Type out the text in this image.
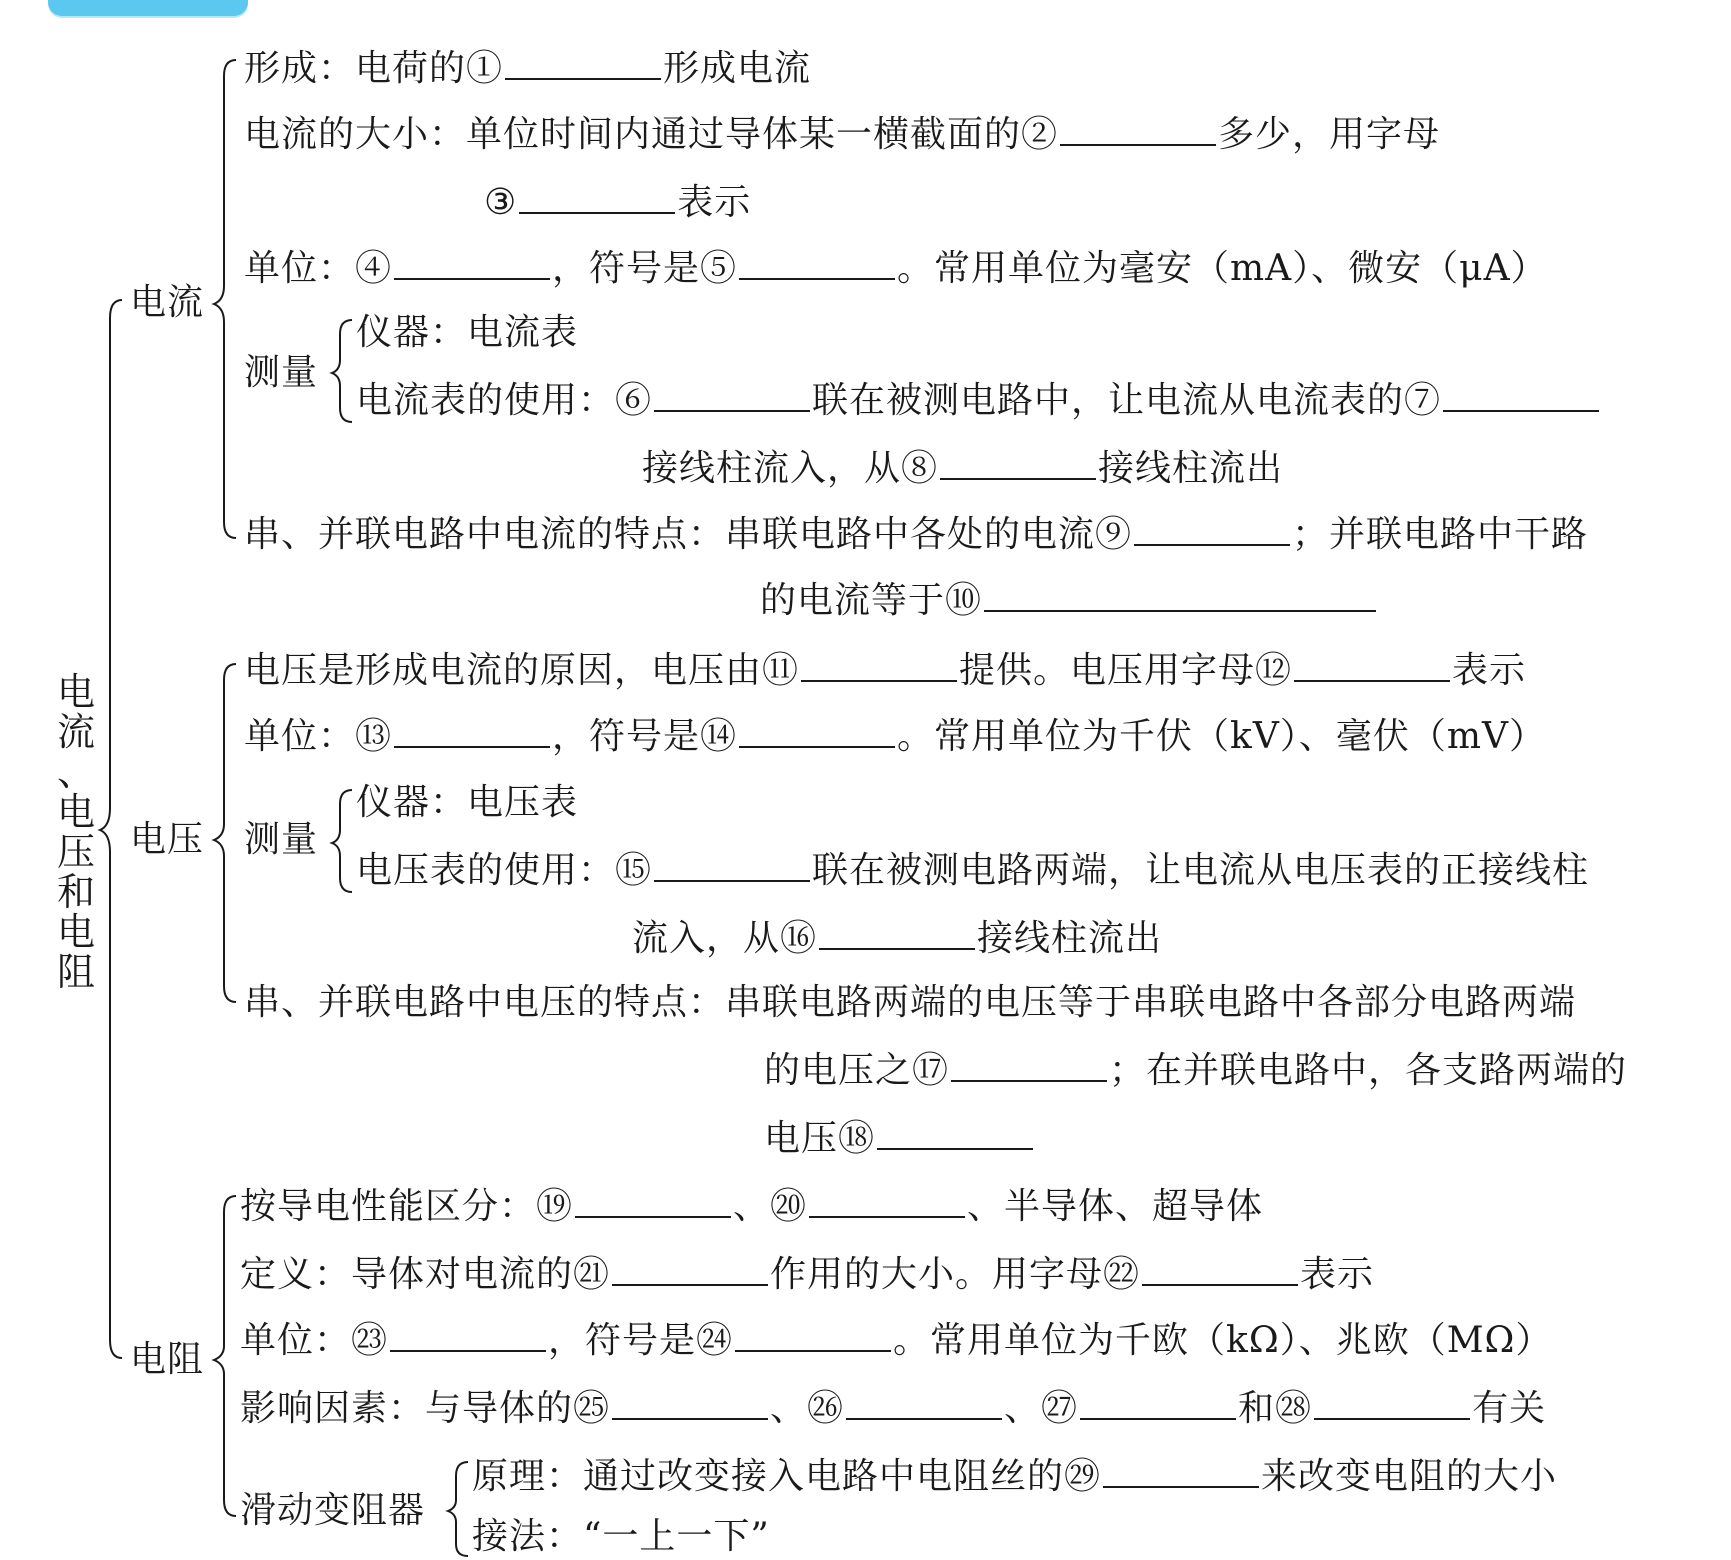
电
流
、
电
压
和
电
阻
电流
电压
电阻
测量
测量
滑动变阻器
形成：电荷的①	形成电流
电流的大小：单位时间内通过导体某一横截面的②	多少，用字母
③	表示
单位：④	，符号是⑤	。常用单位为毫安（mA）、微安（μA）
仪器：电流表
电流表的使用：⑥	联在被测电路中，让电流从电流表的⑦
接线柱流入，从⑧	接线柱流出
串、并联电路中电流的特点：串联电路中各处的电流⑨	；并联电路中干路
的电流等于⑩
电压是形成电流的原因，电压由⑪	提供。电压用字母⑫	表示
单位：⑬	，符号是⑭	。常用单位为千伏（kV）、毫伏（mV）
仪器：电压表
电压表的使用：⑮	联在被测电路两端，让电流从电压表的正接线柱
流入，从⑯	接线柱流出
串、并联电路中电压的特点：串联电路两端的电压等于串联电路中各部分电路两端
的电压之⑰	；在并联电路中，各支路两端的
电压⑱
按导电性能区分：⑲	、⑳	、半导体、超导体
定义：导体对电流的㉑	作用的大小。用字母㉒	表示
单位：㉓	，符号是㉔	。常用单位为千欧（kΩ）、兆欧（MΩ）
影响因素：与导体的㉕	、㉖	、㉗	和㉘	有关
原理：通过改变接入电路中电阻丝的㉙	来改变电阻的大小
接法：“一上一下”
